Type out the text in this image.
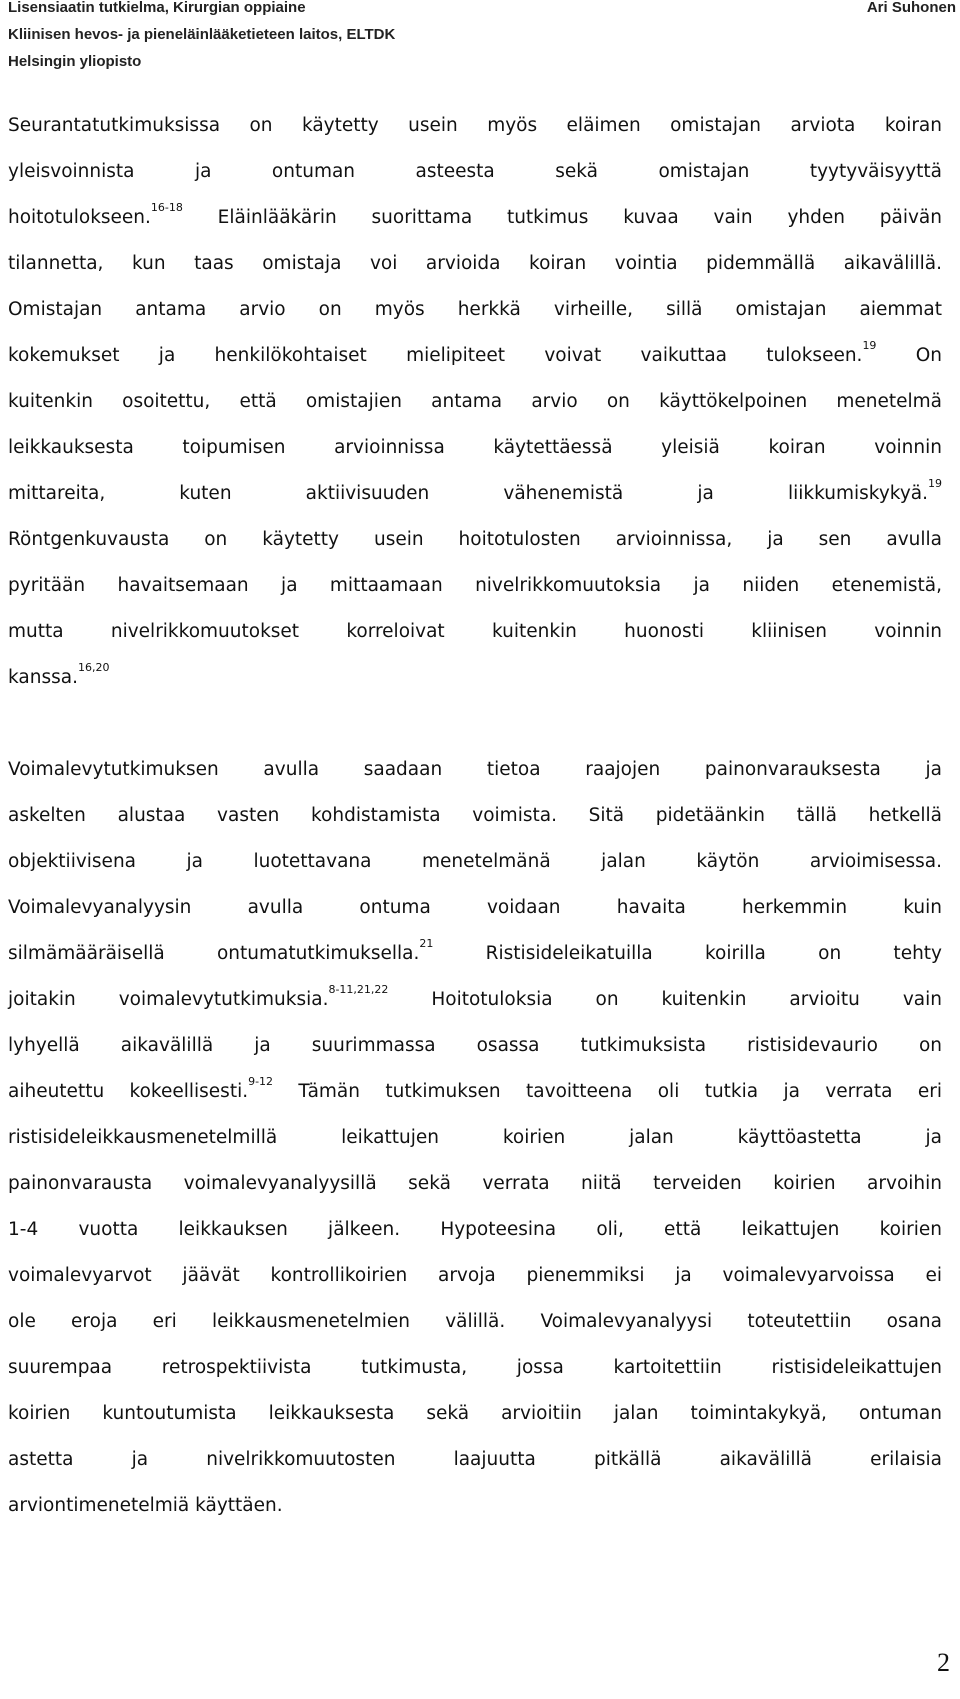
Lisensiaatin tutkielma, Kirurgian oppiaine	Ari Suhonen
Kliinisen hevos- ja pieneläinlääketieteen laitos, ELTDK
Helsingin yliopisto
Seurantatutkimuksissa on käytetty usein myös eläimen omistajan arviota koiran
yleisvoinnista ja ontuman asteesta sekä omistajan tyytyväisyyttä
hoitotulokseen.$^{16-18}$ Eläinlääkärin suorittama tutkimus kuvaa vain yhden päivän
tilannetta, kun taas omistaja voi arvioida koiran vointia pidemmällä aikavälillä.
Omistajan antama arvio on myös herkkä virheille, sillä omistajan aiemmat
kokemukset ja henkilökohtaiset mielipiteet voivat vaikuttaa tulokseen.$^{19}$ On
kuitenkin osoitettu, että omistajien antama arvio on käyttökelpoinen menetelmä
leikkauksesta toipumisen arvioinnissa käytettäessä yleisiä koiran voinnin
mittareita, kuten aktiivisuuden vähenemistä ja liikkumiskykyä.$^{19}$
Röntgenkuvausta on käytetty usein hoitotulosten arvioinnissa, ja sen avulla
pyritään havaitsemaan ja mittaamaan nivelrikkomuutoksia ja niiden etenemistä,
mutta nivelrikkomuutokset korreloivat kuitenkin huonosti kliinisen voinnin
kanssa.$^{16,20}$
Voimalevytutkimuksen avulla saadaan tietoa raajojen painonvarauksesta ja
askelten alustaa vasten kohdistamista voimista. Sitä pidetäänkin tällä hetkellä
objektiivisena ja luotettavana menetelmänä jalan käytön arvioimisessa.
Voimalevyanalyysin avulla ontuma voidaan havaita herkemmin kuin
silmämääräisellä ontumatutkimuksella.$^{21}$ Ristisideleikatuilla koirilla on tehty
joitakin voimalevytutkimuksia.$^{8-11,21,22}$ Hoitotuloksia on kuitenkin arvioitu vain
lyhyellä aikavälillä ja suurimmassa osassa tutkimuksista ristisidevaurio on
aiheutettu kokeellisesti.$^{9-12}$ Tämän tutkimuksen tavoitteena oli tutkia ja verrata eri
ristisideleikkausmenetelmillä leikattujen koirien jalan käyttöastetta ja
painonvarausta voimalevyanalyysillä sekä verrata niitä terveiden koirien arvoihin
1-4 vuotta leikkauksen jälkeen. Hypoteesina oli, että leikattujen koirien
voimalevyarvot jäävät kontrollikoirien arvoja pienemmiksi ja voimalevyarvoissa ei
ole eroja eri leikkausmenetelmien välillä. Voimalevyanalyysi toteutettiin osana
suurempaa retrospektiivista tutkimusta, jossa kartoitettiin ristisideleikattujen
koirien kuntoutumista leikkauksesta sekä arvioitiin jalan toimintakykyä, ontuman
astetta ja nivelrikkomuutosten laajuutta pitkällä aikavälillä erilaisia
arviontimenetelmiä käyttäen.
2
